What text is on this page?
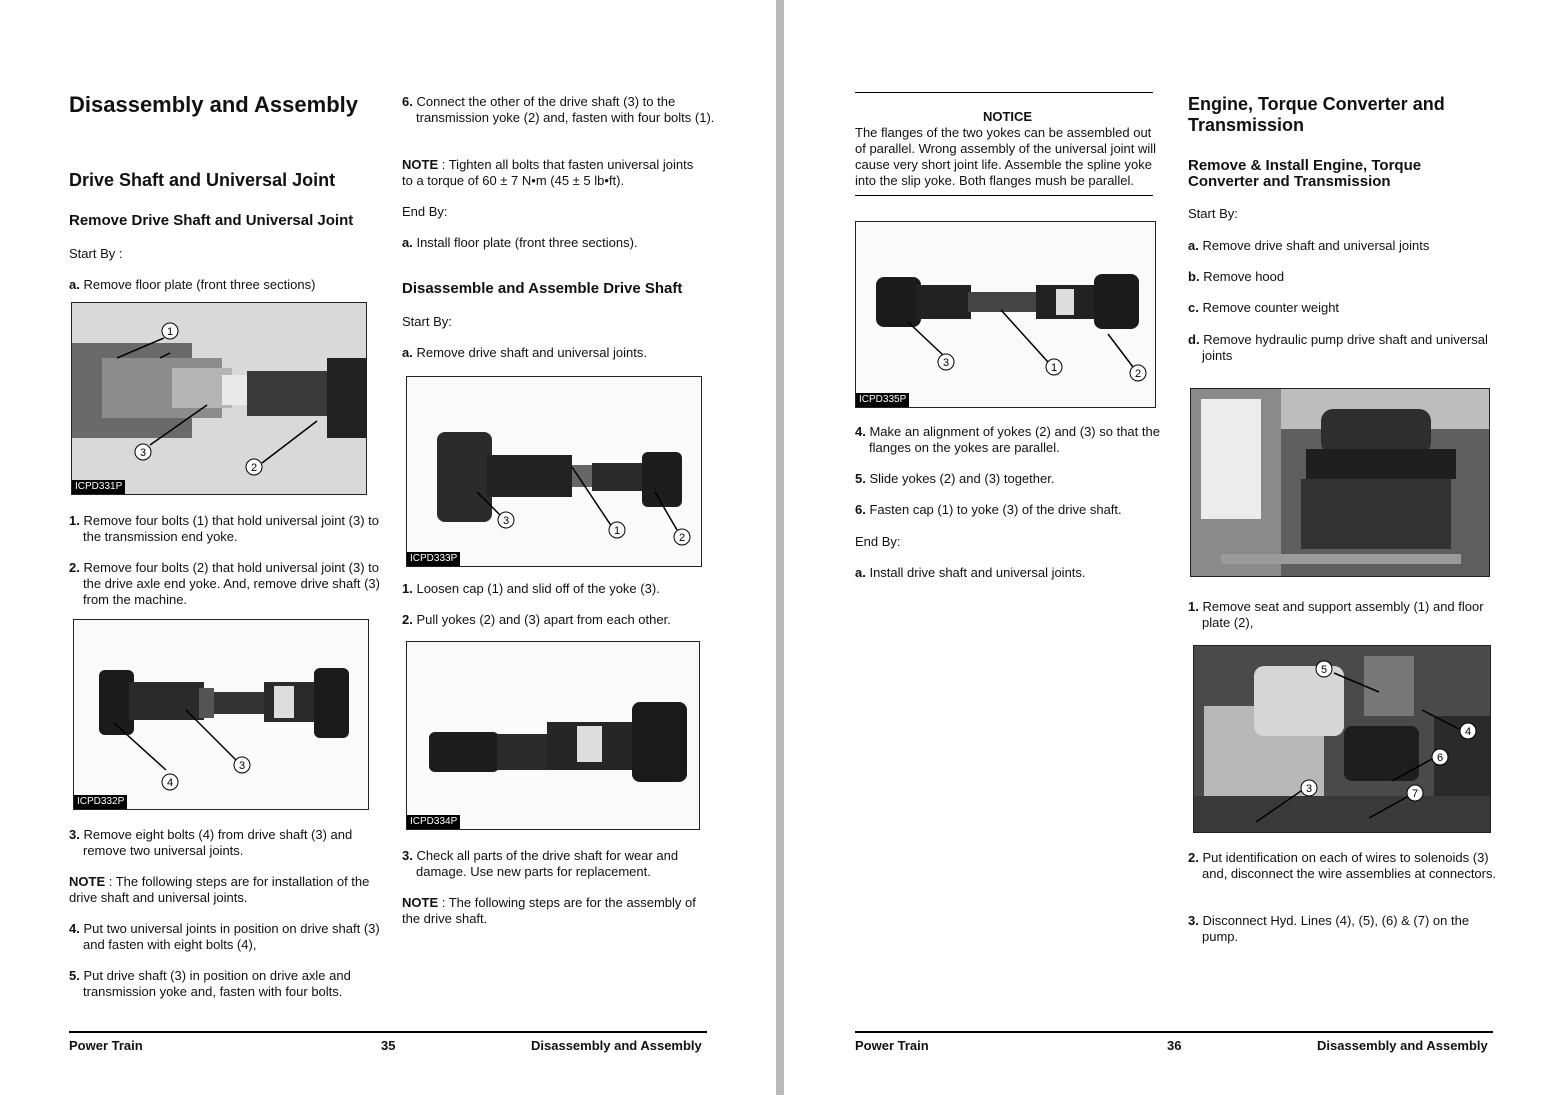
Disassembly and Assembly
Drive Shaft and Universal Joint
Remove Drive Shaft and Universal Joint
Start By :
a. Remove floor plate (front three sections)
1
3
2
ICPD331P
1. Remove four bolts (1) that hold universal joint (3) to the transmission end yoke.
2. Remove four bolts (2) that hold universal joint (3) to the drive axle end yoke. And, remove drive shaft (3) from the machine.
4
3
ICPD332P
3. Remove eight bolts (4) from drive shaft (3) and remove two universal joints.
NOTE : The following steps are for installation of the drive shaft and universal joints.
4. Put two universal joints in position on drive shaft (3) and fasten with eight bolts (4),
5. Put drive shaft (3) in position on drive axle and transmission yoke and, fasten with four bolts.
6. Connect the other of the drive shaft (3) to the transmission yoke (2) and, fasten with four bolts (1).
NOTE : Tighten all bolts that fasten universal joints to a torque of 60 ± 7 N•m (45 ± 5 lb•ft).
End By:
a. Install floor plate (front three sections).
Disassemble and Assemble Drive Shaft
Start By:
a. Remove drive shaft and universal joints.
3
1
2
ICPD333P
1. Loosen cap (1) and slid off of the yoke (3).
2. Pull yokes (2) and (3) apart from each other.
ICPD334P
3. Check all parts of the drive shaft for wear and damage. Use new parts for replacement.
NOTE : The following steps are for the assembly of the drive shaft.
Power Train	35	Disassembly and Assembly
NOTICE
The flanges of the two yokes can be assembled out of parallel. Wrong assembly of the universal joint will cause very short joint life. Assemble the spline yoke into the slip yoke. Both flanges mush be parallel.
3	1	2
ICPD335P
4. Make an alignment of yokes (2) and (3) so that the flanges on the yokes are parallel.
5. Slide yokes (2) and (3) together.
6. Fasten cap (1) to yoke (3) of the drive shaft.
End By:
a. Install drive shaft and universal joints.
Engine, Torque Converter and Transmission
Remove & Install Engine, Torque Converter and Transmission
Start By:
a. Remove drive shaft and universal joints
b. Remove hood
c. Remove counter weight
d. Remove hydraulic pump drive shaft and universal joints
1. Remove seat and support assembly (1) and floor plate (2),
5
4
6
3	7
2. Put identification on each of wires to solenoids (3) and, disconnect the wire assemblies at connectors.
3. Disconnect Hyd. Lines (4), (5), (6) & (7) on the pump.
Power Train	36	Disassembly and Assembly
